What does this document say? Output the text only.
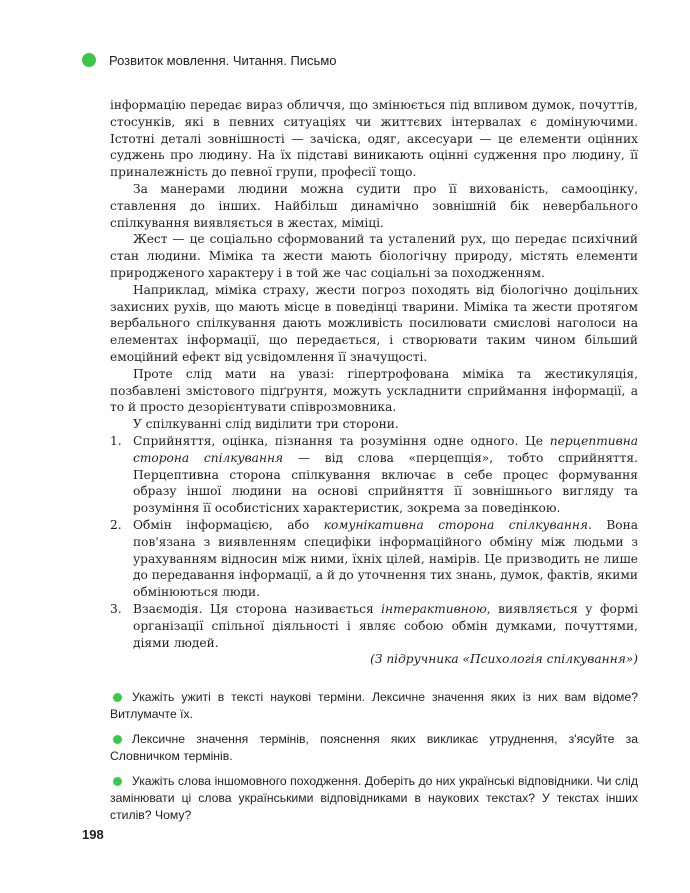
Розвиток мовлення. Читання. Письмо

інформацію передає вираз обличчя, що змінюється під впливом думок, почуттів, стосунків, які в певних ситуаціях чи життєвих інтервалах є домінуючими. Істотні деталі зовнішності — зачіска, одяг, аксесуари — це елементи оцінних суджень про людину. На їх підставі виникають оцінні судження про людину, її приналежність до певної групи, професії тощо.

За манерами людини можна судити про її вихованість, самооцінку, ставлення до інших. Найбільш динамічно зовнішній бік невербального спілкування виявляється в жестах, міміці.

Жест — це соціально сформований та усталений рух, що передає психічний стан людини. Міміка та жести мають біологічну природу, містять елементи природженого характеру і в той же час соціальні за походженням.

Наприклад, міміка страху, жести погроз походять від біологічно доцільних захисних рухів, що мають місце в поведінці тварини. Міміка та жести протягом вербального спілкування дають можливість посилювати смислові наголоси на елементах інформації, що передається, і створювати таким чином більший емоційний ефект від усвідомлення її значущості.

Проте слід мати на увазі: гіпертрофована міміка та жестикуляція, позбавлені змістового підґрунтя, можуть ускладнити сприймання інформації, а то й просто дезорієнтувати співрозмовника.

У спілкуванні слід виділити три сторони.

1. Сприйняття, оцінка, пізнання та розуміння одне одного. Це перцептивна сторона спілкування — від слова «перцепція», тобто сприйняття. Перцептивна сторона спілкування включає в себе процес формування образу іншої людини на основі сприйняття її зовнішнього вигляду та розуміння її особистісних характеристик, зокрема за поведінкою.
2. Обмін інформацією, або комунікативна сторона спілкування. Вона пов'язана з виявленням специфіки інформаційного обміну між людьми з урахуванням відносин між ними, їхніх цілей, намірів. Це призводить не лише до передавання інформації, а й до уточнення тих знань, думок, фактів, якими обмінюються люди.
3. Взаємодія. Ця сторона називається інтерактивною, виявляється у формі організації спільної діяльності і являє собою обмін думками, почуттями, діями людей.

(З підручника «Психологія спілкування»)

Укажіть ужиті в тексті наукові терміни. Лексичне значення яких із них вам відоме? Витлумачте їх.
Лексичне значення термінів, пояснення яких викликає утруднення, з'ясуйте за Словничком термінів.
Укажіть слова іншомовного походження. Доберіть до них українські відповідники. Чи слід замінювати ці слова українськими відповідниками в наукових текстах? У текстах інших стилів? Чому?
198
